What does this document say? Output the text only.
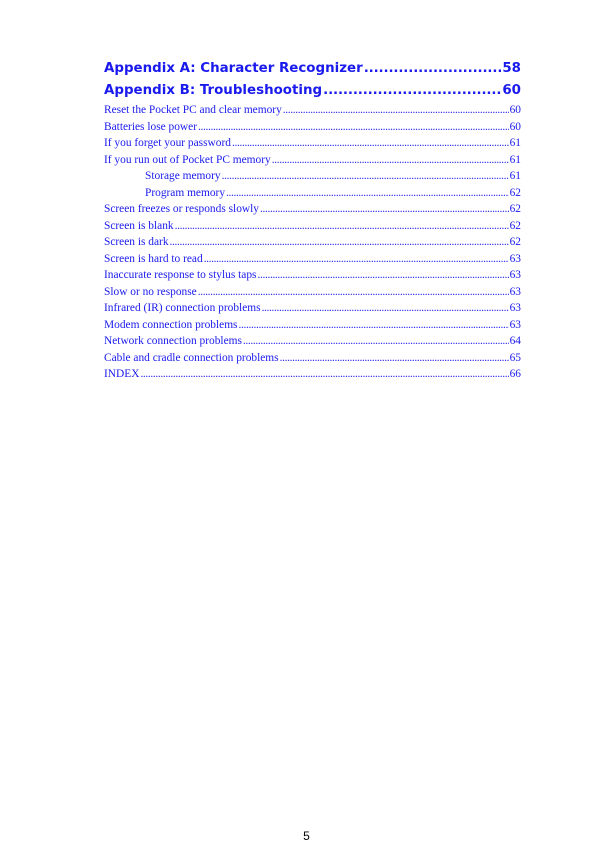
Appendix A: Character Recognizer . . .	58
Appendix B: Troubleshooting . . .	60
Reset the Pocket PC and clear memory . . .	60
Batteries lose power . . .	60
If you forget your password . . .	61
If you run out of Pocket PC memory . . .	61
Storage memory . . .	61
Program memory . . .	62
Screen freezes or responds slowly . . .	62
Screen is blank . . .	62
Screen is dark . . .	62
Screen is hard to read . . .	63
Inaccurate response to stylus taps . . .	63
Slow or no response . . .	63
Infrared (IR) connection problems . . .	63
Modem connection problems . . .	63
Network connection problems . . .	64
Cable and cradle connection problems . . .	65
INDEX . . .	66
5
